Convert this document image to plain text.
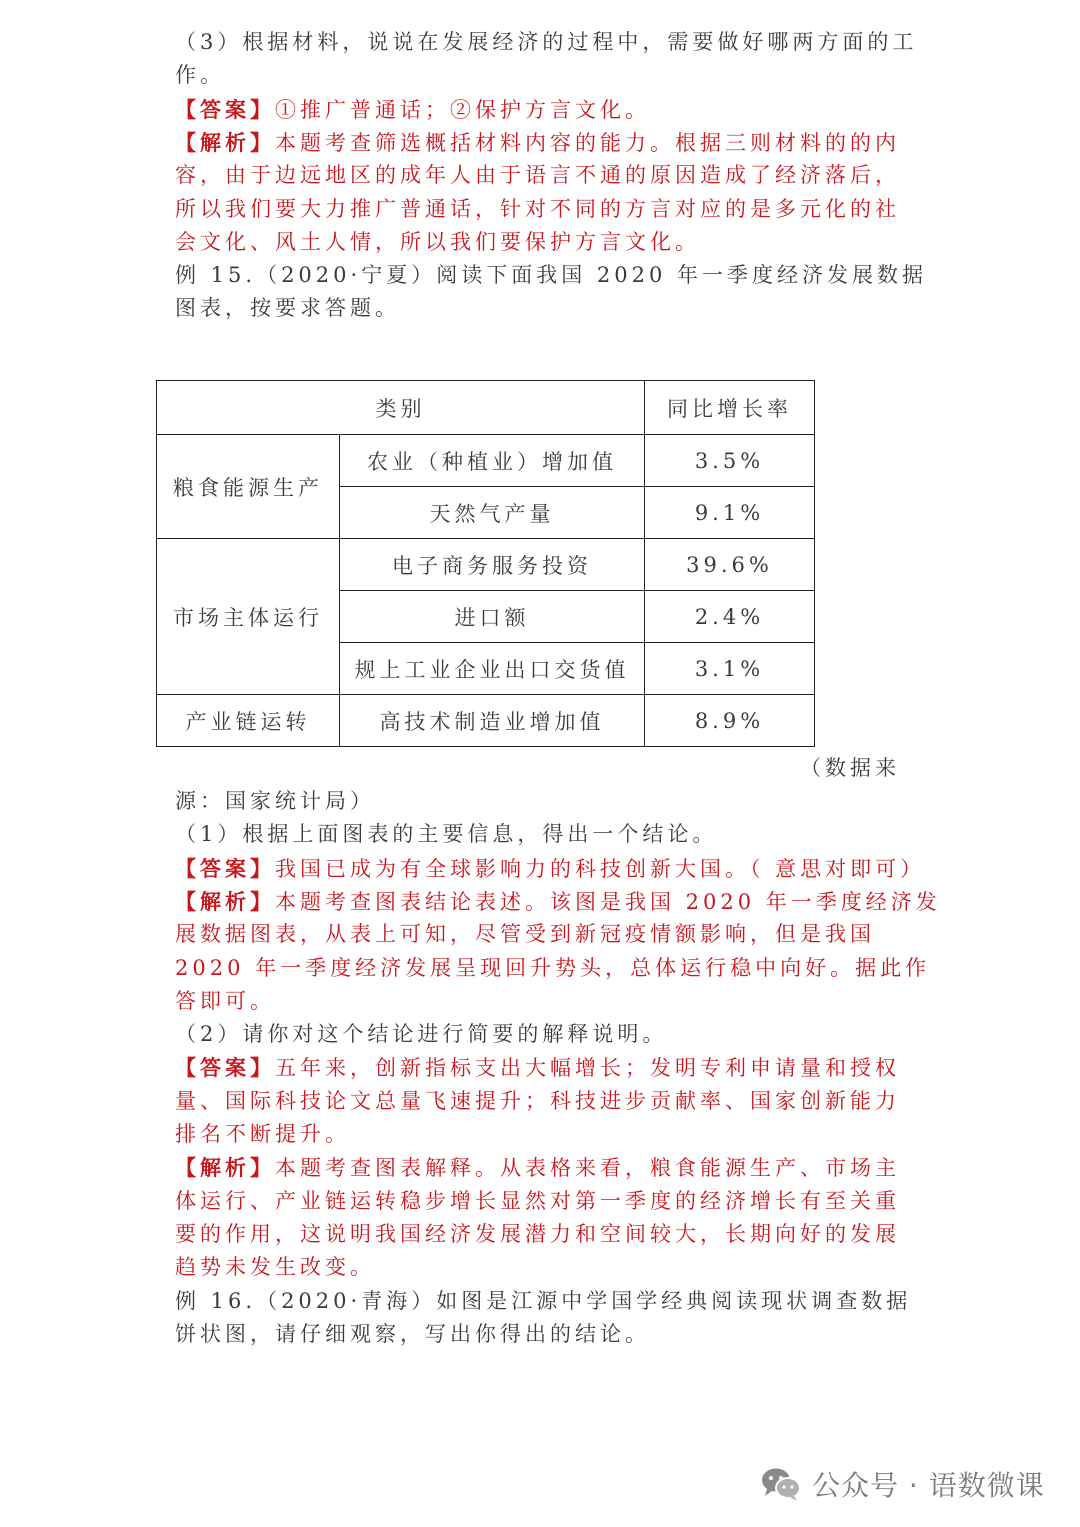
（3）根据材料，说说在发展经济的过程中，需要做好哪两方面的工
作。
【答案】①推广普通话；②保护方言文化。
【解析】本题考查筛选概括材料内容的能力。根据三则材料的的内
容，由于边远地区的成年人由于语言不通的原因造成了经济落后，
所以我们要大力推广普通话，针对不同的方言对应的是多元化的社
会文化、风土人情，所以我们要保护方言文化。
例 15.（2020·宁夏）阅读下面我国 2020 年一季度经济发展数据
图表，按要求答题。
类别		同比增长率
粮食能源生产	农业（种植业）增加值	3.5%
	天然气产量	9.1%
市场主体运行	电子商务服务投资	39.6%
	进口额	2.4%
	规上工业企业出口交货值	3.1%
产业链运转	高技术制造业增加值	8.9%
（数据来
源：国家统计局）
（1）根据上面图表的主要信息，得出一个结论。
【答案】我国已成为有全球影响力的科技创新大国。（ 意思对即可）
【解析】本题考查图表结论表述。该图是我国 2020 年一季度经济发
展数据图表，从表上可知，尽管受到新冠疫情额影响，但是我国
2020 年一季度经济发展呈现回升势头，总体运行稳中向好。据此作
答即可。
（2）请你对这个结论进行简要的解释说明。
【答案】五年来，创新指标支出大幅增长；发明专利申请量和授权
量、国际科技论文总量飞速提升；科技进步贡献率、国家创新能力
排名不断提升。
【解析】本题考查图表解释。从表格来看，粮食能源生产、市场主
体运行、产业链运转稳步增长显然对第一季度的经济增长有至关重
要的作用，这说明我国经济发展潜力和空间较大，长期向好的发展
趋势未发生改变。
例 16.（2020·青海）如图是江源中学国学经典阅读现状调查数据
饼状图，请仔细观察，写出你得出的结论。
公众号 · 语数微课
